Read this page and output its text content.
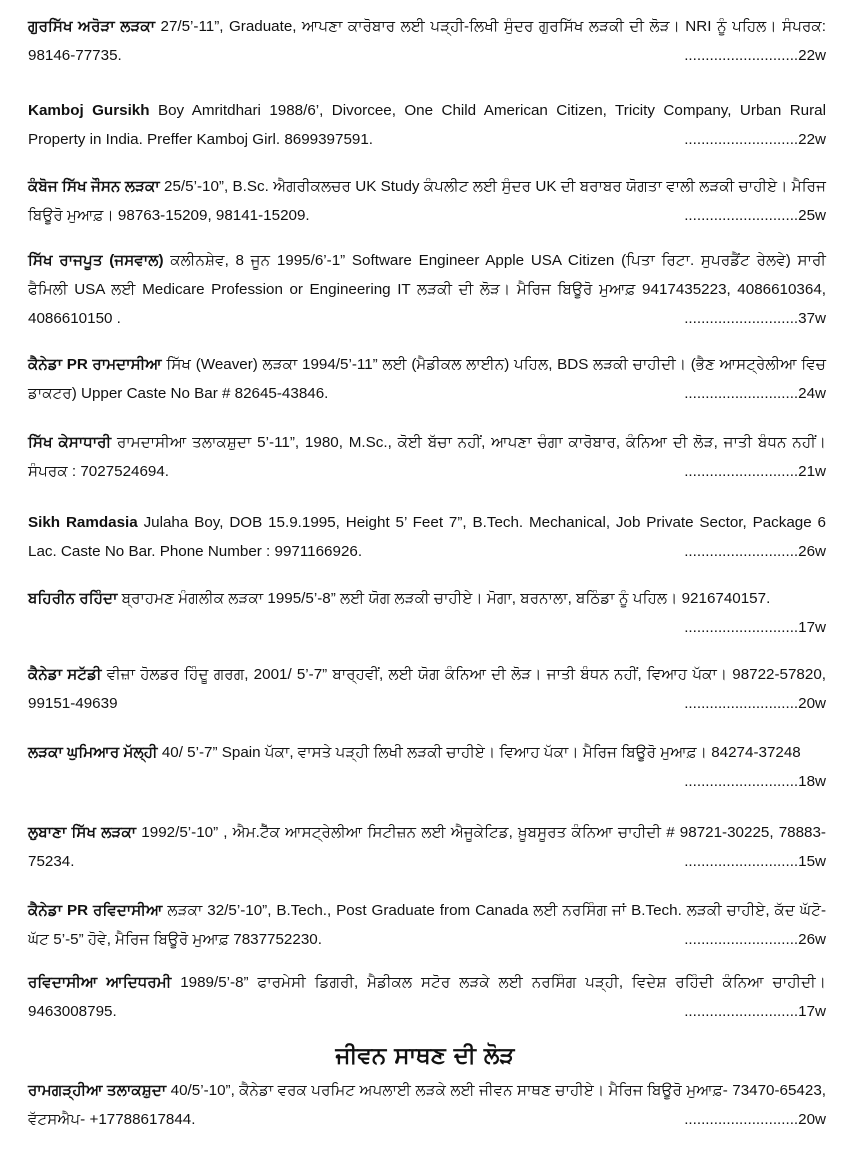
ਗੁਰਸਿੱਖ ਅਰੋੜਾ ਲੜਕਾ 27/5’-11”, Graduate, ਆਪਣਾ ਕਾਰੋਬਾਰ ਲਈ ਪੜ੍ਹੀ-ਲਿਖੀ ਸੁੰਦਰ ਗੁਰਸਿੱਖ ਲੜਕੀ ਦੀ ਲੋੜ। NRI ਨੂੰ ਪਹਿਲ। ਸੰਪਰਕ: 98146-77735.	...........................22w
Kamboj Gursikh Boy Amritdhari 1988/6’, Divorcee, One Child American Citizen, Tricity Company, Urban Rural Property in India. Preffer Kamboj Girl. 8699397591.	...........................22w
ਕੰਬੋਜ ਸਿੱਖ ਜੌਸਨ ਲੜਕਾ 25/5’-10”, B.Sc. ਐਗਰੀਕਲਚਰ UK Study ਕੰਪਲੀਟ ਲਈ ਸੁੰਦਰ UK ਦੀ ਬਰਾਬਰ ਯੋਗਤਾ ਵਾਲੀ ਲੜਕੀ ਚਾਹੀਏ। ਮੈਰਿਜ ਬਿਊਰੋ ਮੁਆਫ਼। 98763-15209, 98141-15209.	...........................25w
ਸਿੱਖ ਰਾਜਪੂਤ (ਜਸਵਾਲ) ਕਲੀਨਸ਼ੇਵ, 8 ਜੂਨ 1995/6’-1” Software Engineer Apple USA Citizen (ਪਿਤਾ ਰਿਟਾ. ਸੁਪਰਡੈਂਟ ਰੇਲਵੇ) ਸਾਰੀ ਫੈਮਿਲੀ USA ਲਈ Medicare Profession or Engineering IT ਲੜਕੀ ਦੀ ਲੋੜ। ਮੈਰਿਜ ਬਿਊਰੋ ਮੁਆਫ਼ 9417435223, 4086610364, 4086610150 .	...........................37w
ਕੈਨੇਡਾ PR ਰਾਮਦਾਸੀਆ ਸਿੱਖ (Weaver) ਲੜਕਾ 1994/5’-11” ਲਈ (ਮੈਡੀਕਲ ਲਾਈਨ) ਪਹਿਲ, BDS ਲੜਕੀ ਚਾਹੀਦੀ। (ਭੈਣ ਆਸਟ੍ਰੇਲੀਆ ਵਿਚ ਡਾਕਟਰ) Upper Caste No Bar # 82645-43846.	...........................24w
ਸਿੱਖ ਕੇਸਾਧਾਰੀ ਰਾਮਦਾਸੀਆ ਤਲਾਕਸ਼ੁਦਾ 5’-11”, 1980, M.Sc., ਕੋਈ ਬੱਚਾ ਨਹੀਂ, ਆਪਣਾ ਚੰਗਾ ਕਾਰੋਬਾਰ, ਕੰਨਿਆ ਦੀ ਲੋੜ, ਜਾਤੀ ਬੰਧਨ ਨਹੀਂ। ਸੰਪਰਕ : 7027524694.	...........................21w
Sikh Ramdasia Julaha Boy, DOB 15.9.1995, Height 5’ Feet 7”, B.Tech. Mechanical, Job Private Sector, Package 6 Lac. Caste No Bar. Phone Number : 9971166926.	...........................26w
ਬਹਿਰੀਨ ਰਹਿੰਦਾ ਬ੍ਰਾਹਮਣ ਮੰਗਲੀਕ ਲੜਕਾ 1995/5’-8” ਲਈ ਯੋਗ ਲੜਕੀ ਚਾਹੀਏ। ਮੋਗਾ, ਬਰਨਾਲਾ, ਬਠਿੰਡਾ ਨੂੰ ਪਹਿਲ। 9216740157.
...........................17w
ਕੈਨੇਡਾ ਸਟੱਡੀ ਵੀਜ਼ਾ ਹੋਲਡਰ ਹਿੰਦੂ ਗਰਗ, 2001/ 5’-7” ਬਾਰ੍ਹਵੀਂ, ਲਈ ਯੋਗ ਕੰਨਿਆ ਦੀ ਲੋੜ। ਜਾਤੀ ਬੰਧਨ ਨਹੀਂ, ਵਿਆਹ ਪੱਕਾ। 98722-57820, 99151-49639	...........................20w
ਲੜਕਾ ਘੁਮਿਆਰ ਮੱਲ੍ਹੀ 40/ 5’-7” Spain ਪੱਕਾ, ਵਾਸਤੇ ਪੜ੍ਹੀ ਲਿਖੀ ਲੜਕੀ ਚਾਹੀਏ। ਵਿਆਹ ਪੱਕਾ। ਮੈਰਿਜ ਬਿਊਰੋ ਮੁਆਫ਼। 84274-37248
...........................18w
ਲੁਬਾਣਾ ਸਿੱਖ ਲੜਕਾ 1992/5’-10” , ਐਮ.ਟੈੱਕ ਆਸਟ੍ਰੇਲੀਆ ਸਿਟੀਜ਼ਨ ਲਈ ਐਜੂਕੇਟਿਡ, ਖ਼ੂਬਸੂਰਤ ਕੰਨਿਆ ਚਾਹੀਦੀ # 98721-30225, 78883-75234.	...........................15w
ਕੈਨੇਡਾ PR ਰਵਿਦਾਸੀਆ ਲੜਕਾ 32/5’-10”, B.Tech., Post Graduate from Canada ਲਈ ਨਰਸਿੰਗ ਜਾਂ B.Tech. ਲੜਕੀ ਚਾਹੀਏ, ਕੱਦ ਘੱਟੋ-ਘੱਟ 5’-5” ਹੋਵੇ, ਮੈਰਿਜ ਬਿਊਰੋ ਮੁਆਫ਼ 7837752230.	...........................26w
ਰਵਿਦਾਸੀਆ ਆਦਿਧਰਮੀ 1989/5’-8” ਫਾਰਮੇਸੀ ਡਿਗਰੀ, ਮੈਡੀਕਲ ਸਟੋਰ ਲੜਕੇ ਲਈ ਨਰਸਿੰਗ ਪੜ੍ਹੀ, ਵਿਦੇਸ਼ ਰਹਿੰਦੀ ਕੰਨਿਆ ਚਾਹੀਦੀ। 9463008795.	...........................17w
ਜੀਵਨ ਸਾਥਣ ਦੀ ਲੋੜ
ਰਾਮਗੜ੍ਹੀਆ ਤਲਾਕਸ਼ੁਦਾ 40/5’-10”, ਕੈਨੇਡਾ ਵਰਕ ਪਰਮਿਟ ਅਪਲਾਈ ਲੜਕੇ ਲਈ ਜੀਵਨ ਸਾਥਣ ਚਾਹੀਏ। ਮੈਰਿਜ ਬਿਊਰੋ ਮੁਆਫ਼- 73470-65423, ਵੱਟਸਐਪ- +17788617844.	...........................20w
